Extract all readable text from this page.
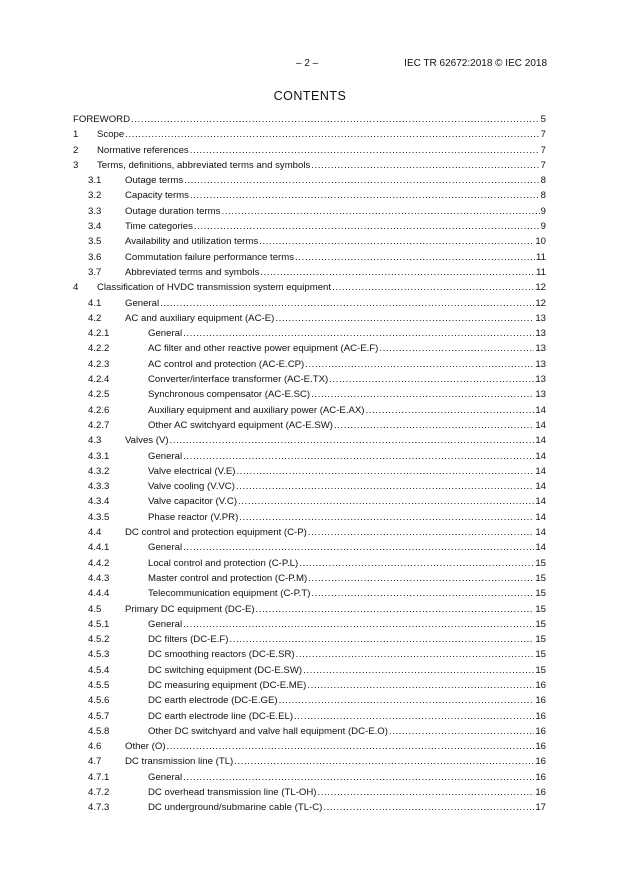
– 2 –	IEC TR 62672:2018 © IEC 2018
CONTENTS
FOREWORD .....	5
1 Scope .....	7
2 Normative references .....	7
3 Terms, definitions, abbreviated terms and symbols .....	7
3.1 Outage terms .....	8
3.2 Capacity terms .....	8
3.3 Outage duration terms .....	9
3.4 Time categories .....	9
3.5 Availability and utilization terms .....	10
3.6 Commutation failure performance terms .....	11
3.7 Abbreviated terms and symbols .....	11
4 Classification of HVDC transmission system equipment .....	12
4.1 General .....	12
4.2 AC and auxiliary equipment (AC-E) .....	13
4.2.1	General .....	13
4.2.2	AC filter and other reactive power equipment (AC-E.F) .....	13
4.2.3	AC control and protection (AC-E.CP) .....	13
4.2.4	Converter/interface transformer (AC-E.TX) .....	13
4.2.5	Synchronous compensator (AC-E.SC) .....	13
4.2.6	Auxiliary equipment and auxiliary power (AC-E.AX) .....	14
4.2.7	Other AC switchyard equipment (AC-E.SW) .....	14
4.3 Valves (V) .....	14
4.3.1	General .....	14
4.3.2	Valve electrical (V.E) .....	14
4.3.3	Valve cooling (V.VC) .....	14
4.3.4	Valve capacitor (V.C) .....	14
4.3.5	Phase reactor (V.PR) .....	14
4.4 DC control and protection equipment (C-P) .....	14
4.4.1	General .....	14
4.4.2	Local control and protection (C-P.L) .....	15
4.4.3	Master control and protection (C-P.M) .....	15
4.4.4	Telecommunication equipment (C-P.T) .....	15
4.5 Primary DC equipment (DC-E) .....	15
4.5.1	General .....	15
4.5.2	DC filters (DC-E.F) .....	15
4.5.3	DC smoothing reactors (DC-E.SR) .....	15
4.5.4	DC switching equipment (DC-E.SW) .....	15
4.5.5	DC measuring equipment (DC-E.ME) .....	16
4.5.6	DC earth electrode (DC-E.GE) .....	16
4.5.7	DC earth electrode line (DC-E.EL) .....	16
4.5.8	Other DC switchyard and valve hall equipment (DC-E.O) .....	16
4.6 Other (O) .....	16
4.7 DC transmission line (TL) .....	16
4.7.1	General .....	16
4.7.2	DC overhead transmission line (TL-OH) .....	16
4.7.3	DC underground/submarine cable (TL-C) .....	17
